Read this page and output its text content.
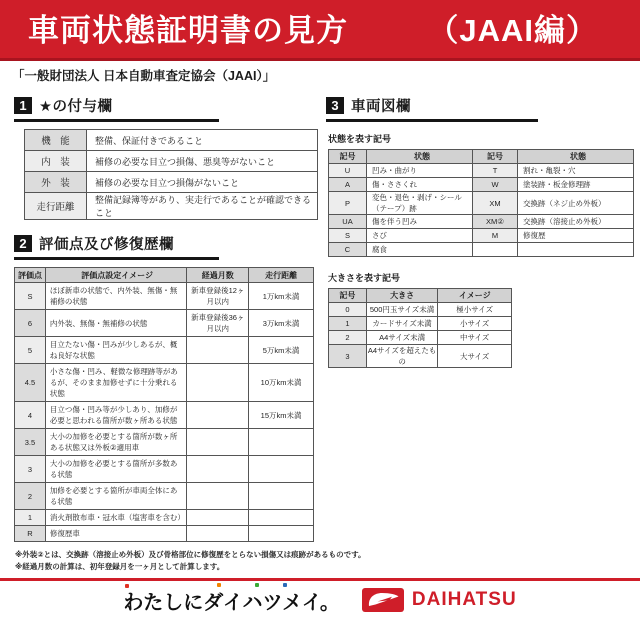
車両状態証明書の見方	（JAAI編）
「一般財団法人 日本自動車査定協会（JAAI）」
1 ★の付与欄
機　能	整備、保証付きであること
内　装	補修の必要な目立つ損傷、悪臭等がないこと
外　装	補修の必要な目立つ損傷がないこと
走行距離	整備記録簿等があり、実走行であることが確認できること
2 評価点及び修復歴欄
評価点	評価点設定イメージ	経過月数	走行距離
S	ほぼ新車の状態で、内外装、無傷・無補修の状態	新車登録後12ヶ月以内	1万km未満
6	内外装、無傷・無補修の状態	新車登録後36ヶ月以内	3万km未満
5	目立たない傷・凹みが少しあるが、概ね良好な状態		5万km未満
4.5	小さな傷・凹み、軽微な修理跡等があるが、そのまま加修せずに十分乗れる状態		10万km未満
4	目立つ傷・凹み等が少しあり、加修が必要と思われる箇所が数ヶ所ある状態		15万km未満
3.5	大小の加修を必要とする箇所が数ヶ所ある状態又は外板②適用車		
3	大小の加修を必要とする箇所が多数ある状態		
2	加修を必要とする箇所が車両全体にある状態		
1	消火剤散布車・冠水車（塩害車を含む）		
R	修復歴車		
3 車両図欄
状態を表す記号
記号	状態	記号	状態
U	凹み・曲がり	T	割れ・亀裂・穴
A	傷・ささくれ	W	塗装跡・板金修理跡
P	変色・退色・剥げ・シール（テープ）跡	XM	交換跡（ネジ止め外板）
UA	傷を伴う凹み	XM②	交換跡（溶接止め外板）
S	さび	M	修復歴
C	腐食		
大きさを表す記号
記号	大きさ	イメージ
0	500円玉サイズ未満	極小サイズ
1	カードサイズ未満	小サイズ
2	A4サイズ未満	中サイズ
3	A4サイズを超えたもの	大サイズ
※外装②とは、交換跡（溶接止め外板）及び骨格部位に修復歴をとらない損傷又は痕跡があるものです。
※経過月数の計算は、初年登録月を一ヶ月として計算します。
わたしにダイハツメイ。	DAIHATSU
